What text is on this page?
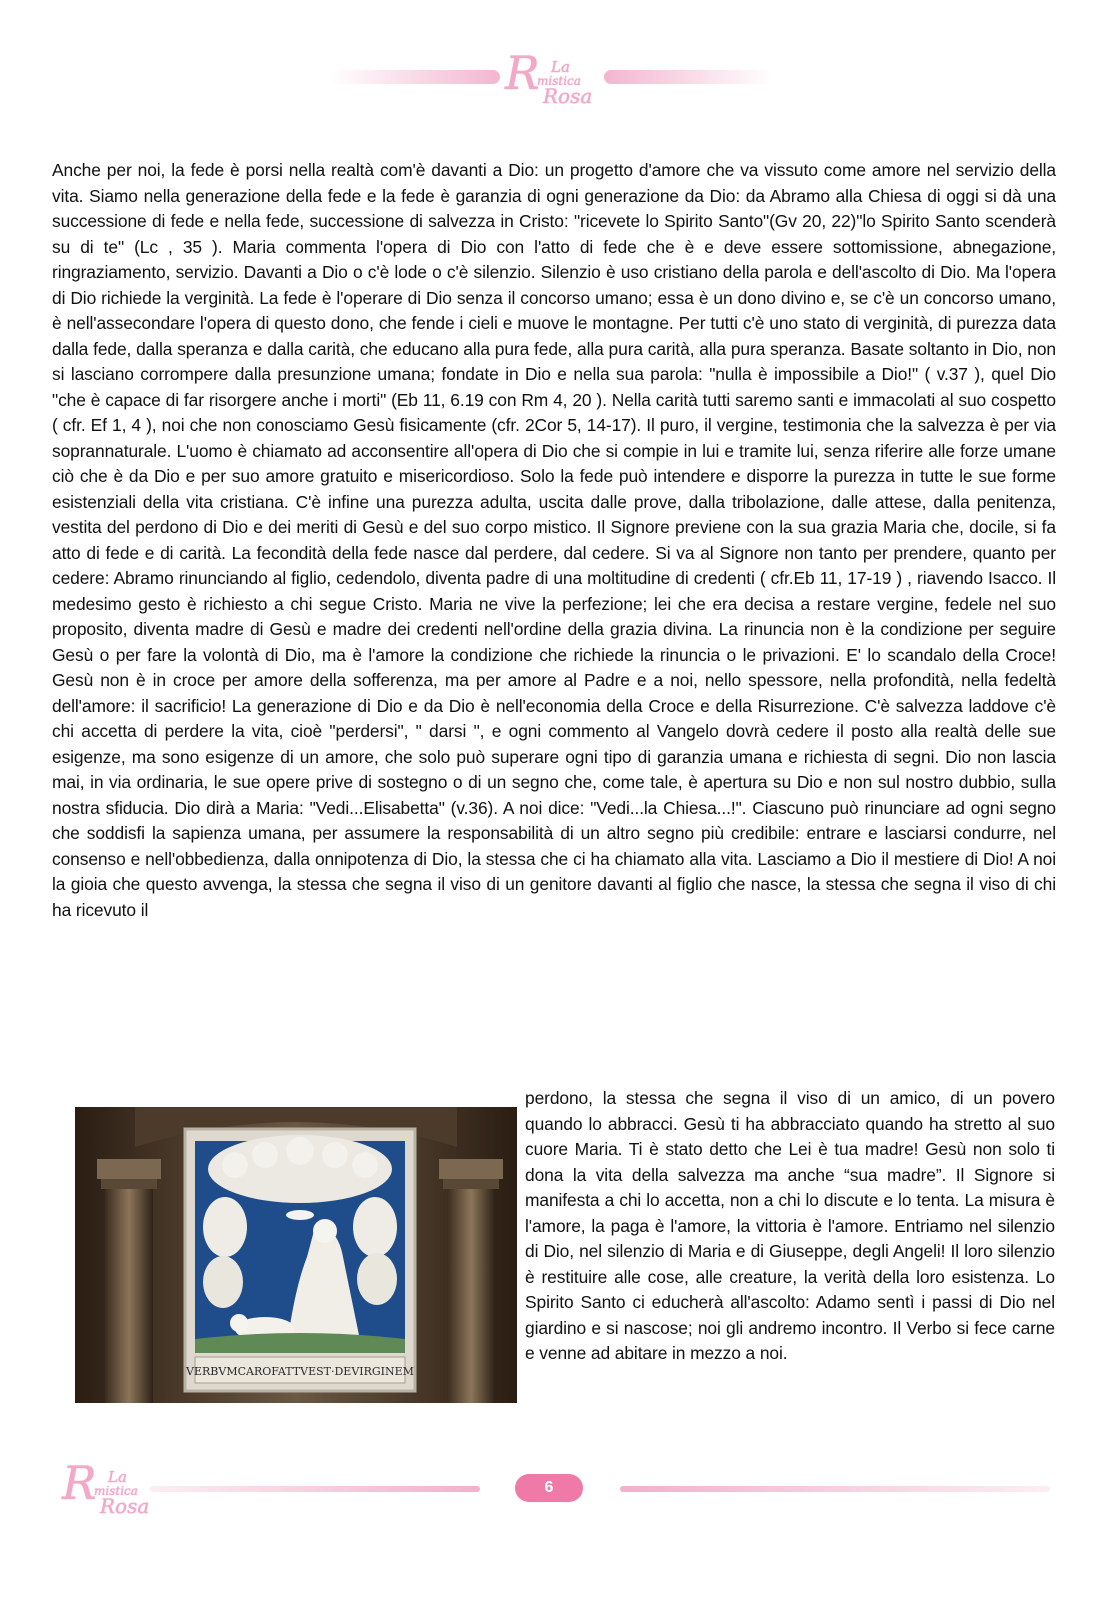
R La
mistica
Rosa
Anche per noi, la fede è porsi nella realtà com'è davanti a Dio: un progetto d'amore che va vissuto come amore nel servizio della vita. Siamo nella generazione della fede e la fede è garanzia di ogni generazione da Dio: da Abramo alla Chiesa di oggi si dà una successione di fede e nella fede, successione di salvezza in Cristo: "ricevete lo Spirito Santo"(Gv 20, 22)"lo Spirito Santo scenderà su di te" (Lc , 35 ). Maria commenta l'opera di Dio con l'atto di fede che è e deve essere sottomissione, abnegazione, ringraziamento, servizio. Davanti a Dio o c'è lode o c'è silenzio. Silenzio è uso cristiano della parola e dell'ascolto di Dio. Ma l'opera di Dio richiede la verginità. La fede è l'operare di Dio senza il concorso umano; essa è un dono divino e, se c'è un concorso umano, è nell'assecondare l'opera di questo dono, che fende i cieli e muove le montagne. Per tutti c'è uno stato di verginità, di purezza data dalla fede, dalla speranza e dalla carità, che educano alla pura fede, alla pura carità, alla pura speranza. Basate soltanto in Dio, non si lasciano corrompere dalla presunzione umana; fondate in Dio e nella sua parola: "nulla è impossibile a Dio!" ( v.37 ), quel Dio "che è capace di far risorgere anche i morti" (Eb 11, 6.19 con Rm 4, 20 ). Nella carità tutti saremo santi e immacolati al suo cospetto ( cfr. Ef 1, 4 ), noi che non conosciamo Gesù fisicamente (cfr. 2Cor 5, 14-17). Il puro, il vergine, testimonia che la salvezza è per via soprannaturale. L'uomo è chiamato ad acconsentire all'opera di Dio che si compie in lui e tramite lui, senza riferire alle forze umane ciò che è da Dio e per suo amore gratuito e misericordioso. Solo la fede può intendere e disporre la purezza in tutte le sue forme esistenziali della vita cristiana. C'è infine una purezza adulta, uscita dalle prove, dalla tribolazione, dalle attese, dalla penitenza, vestita del perdono di Dio e dei meriti di Gesù e del suo corpo mistico. Il Signore previene con la sua grazia Maria che, docile, si fa atto di fede e di carità. La fecondità della fede nasce dal perdere, dal cedere. Si va al Signore non tanto per prendere, quanto per cedere: Abramo rinunciando al figlio, cedendolo, diventa padre di una moltitudine di credenti ( cfr.Eb 11, 17-19 ) , riavendo Isacco. Il medesimo gesto è richiesto a chi segue Cristo. Maria ne vive la perfezione; lei che era decisa a restare vergine, fedele nel suo proposito, diventa madre di Gesù e madre dei credenti nell'ordine della grazia divina. La rinuncia non è la condizione per seguire Gesù o per fare la volontà di Dio, ma è l'amore la condizione che richiede la rinuncia o le privazioni. E' lo scandalo della Croce! Gesù non è in croce per amore della sofferenza, ma per amore al Padre e a noi, nello spessore, nella profondità, nella fedeltà dell'amore: il sacrificio! La generazione di Dio e da Dio è nell'economia della Croce e della Risurrezione. C'è salvezza laddove c'è chi accetta di perdere la vita, cioè "perdersi", " darsi ", e ogni commento al Vangelo dovrà cedere il posto alla realtà delle sue esigenze, ma sono esigenze di un amore, che solo può superare ogni tipo di garanzia umana e richiesta di segni. Dio non lascia mai, in via ordinaria, le sue opere prive di sostegno o di un segno che, come tale, è apertura su Dio e non sul nostro dubbio, sulla nostra sfiducia. Dio dirà a Maria: "Vedi...Elisabetta" (v.36). A noi dice: "Vedi...la Chiesa...!". Ciascuno può rinunciare ad ogni segno che soddisfi la sapienza umana, per assumere la responsabilità di un altro segno più credibile: entrare e lasciarsi condurre, nel consenso e nell'obbedienza, dalla onnipotenza di Dio, la stessa che ci ha chiamato alla vita. Lasciamo a Dio il mestiere di Dio! A noi la gioia che questo avvenga, la stessa che segna il viso di un genitore davanti al figlio che nasce, la stessa che segna il viso di chi ha ricevuto il
VERBVMCAROFATTVEST·DEVIRGINEM
perdono, la stessa che segna il viso di un amico, di un povero quando lo abbracci. Gesù ti ha abbracciato quando ha stretto al suo cuore Maria. Ti è stato detto che Lei è tua madre! Gesù non solo ti dona la vita della salvezza ma anche “sua madre”. Il Signore si manifesta a chi lo accetta, non a chi lo discute e lo tenta. La misura è l'amore, la paga è l'amore, la vittoria è l'amore. Entriamo nel silenzio di Dio, nel silenzio di Maria e di Giuseppe, degli Angeli! Il loro silenzio è restituire alle cose, alle creature, la verità della loro esistenza. Lo Spirito Santo ci educherà all'ascolto: Adamo sentì i passi di Dio nel giardino e si nascose; noi gli andremo incontro. Il Verbo si fece carne e venne ad abitare in mezzo a noi.
R La
mistica
Rosa
6
